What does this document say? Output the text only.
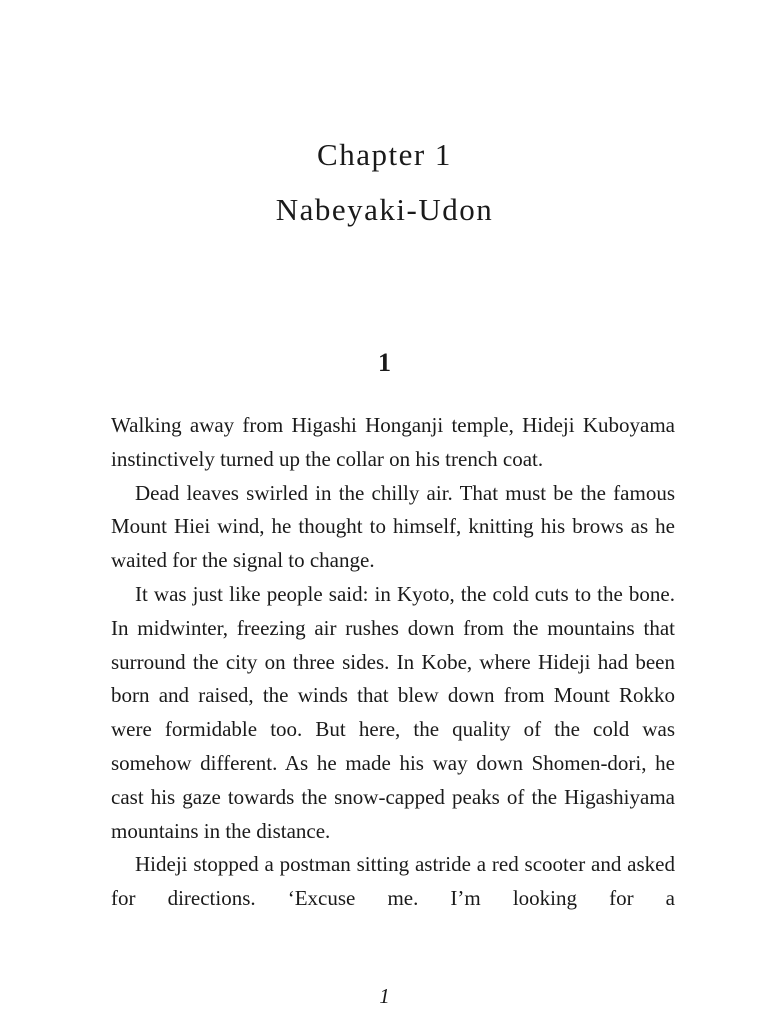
Chapter 1
Nabeyaki-Udon
1

Walking away from Higashi Honganji temple, Hideji Kuboyama instinctively turned up the collar on his trench coat.

Dead leaves swirled in the chilly air. That must be the famous Mount Hiei wind, he thought to himself, knitting his brows as he waited for the signal to change.

It was just like people said: in Kyoto, the cold cuts to the bone. In midwinter, freezing air rushes down from the mountains that surround the city on three sides. In Kobe, where Hideji had been born and raised, the winds that blew down from Mount Rokko were formidable too. But here, the quality of the cold was somehow different. As he made his way down Shomen-dori, he cast his gaze towards the snow-capped peaks of the Higashiyama mountains in the distance.

Hideji stopped a postman sitting astride a red scooter and asked for directions. ‘Excuse me. I’m looking for a

1
